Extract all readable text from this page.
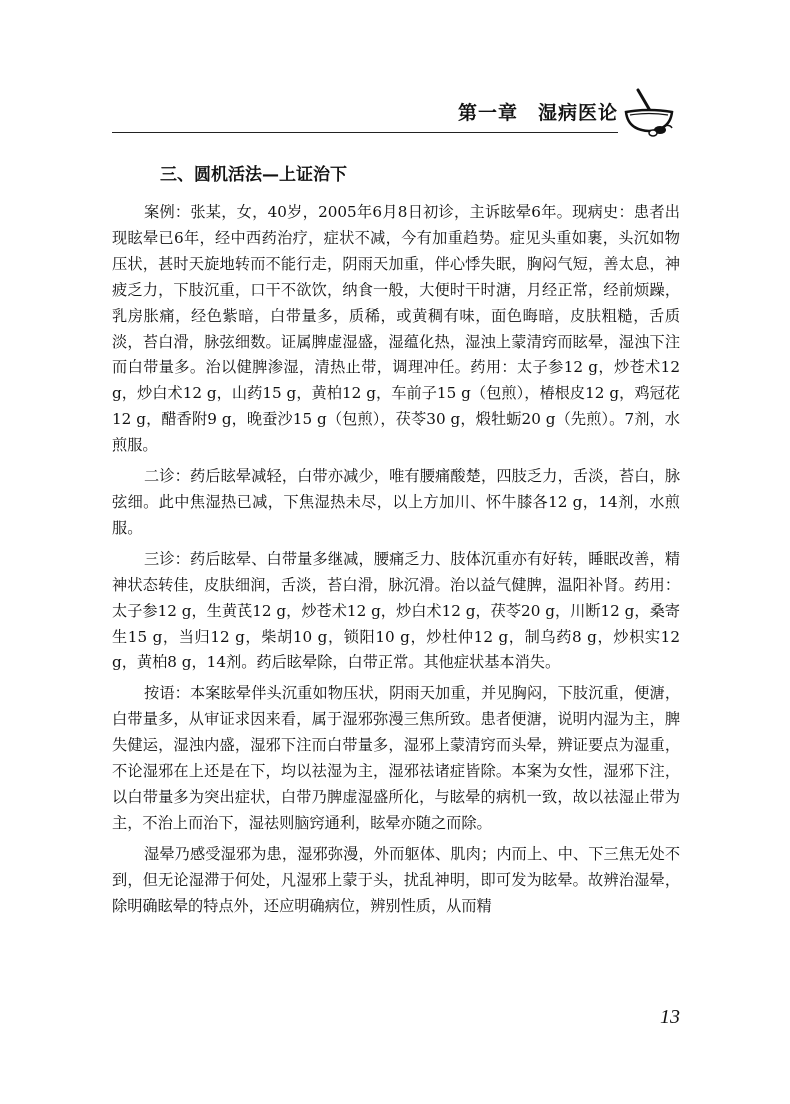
第一章　湿病医论
三、圆机活法—上证治下

案例：张某，女，40岁，2005年6月8日初诊，主诉眩晕6年。现病史：患者出现眩晕已6年，经中西药治疗，症状不减，今有加重趋势。症见头重如裹，头沉如物压状，甚时天旋地转而不能行走，阴雨天加重，伴心悸失眠，胸闷气短，善太息，神疲乏力，下肢沉重，口干不欲饮，纳食一般，大便时干时溏，月经正常，经前烦躁，乳房胀痛，经色紫暗，白带量多，质稀，或黄稠有味，面色晦暗，皮肤粗糙，舌质淡，苔白滑，脉弦细数。证属脾虚湿盛，湿蕴化热，湿浊上蒙清窍而眩晕，湿浊下注而白带量多。治以健脾渗湿，清热止带，调理冲任。药用：太子参12 g，炒苍术12 g，炒白术12 g，山药15 g，黄柏12 g，车前子15 g（包煎），椿根皮12 g，鸡冠花12 g，醋香附9 g，晚蚕沙15 g（包煎），茯苓30 g，煅牡蛎20 g（先煎）。7剂，水煎服。

二诊：药后眩晕减轻，白带亦减少，唯有腰痛酸楚，四肢乏力，舌淡，苔白，脉弦细。此中焦湿热已减，下焦湿热未尽，以上方加川、怀牛膝各12 g，14剂，水煎服。

三诊：药后眩晕、白带量多继减，腰痛乏力、肢体沉重亦有好转，睡眠改善，精神状态转佳，皮肤细润，舌淡，苔白滑，脉沉滑。治以益气健脾，温阳补肾。药用：太子参12 g，生黄芪12 g，炒苍术12 g，炒白术12 g，茯苓20 g，川断12 g，桑寄生15 g，当归12 g，柴胡10 g，锁阳10 g，炒杜仲12 g，制乌药8 g，炒枳实12 g，黄柏8 g，14剂。药后眩晕除，白带正常。其他症状基本消失。

按语：本案眩晕伴头沉重如物压状，阴雨天加重，并见胸闷，下肢沉重，便溏，白带量多，从审证求因来看，属于湿邪弥漫三焦所致。患者便溏，说明内湿为主，脾失健运，湿浊内盛，湿邪下注而白带量多，湿邪上蒙清窍而头晕，辨证要点为湿重，不论湿邪在上还是在下，均以祛湿为主，湿邪祛诸症皆除。本案为女性，湿邪下注，以白带量多为突出症状，白带乃脾虚湿盛所化，与眩晕的病机一致，故以祛湿止带为主，不治上而治下，湿祛则脑窍通利，眩晕亦随之而除。

湿晕乃感受湿邪为患，湿邪弥漫，外而躯体、肌肉；内而上、中、下三焦无处不到，但无论湿滞于何处，凡湿邪上蒙于头，扰乱神明，即可发为眩晕。故辨治湿晕，除明确眩晕的特点外，还应明确病位，辨别性质，从而精

13
